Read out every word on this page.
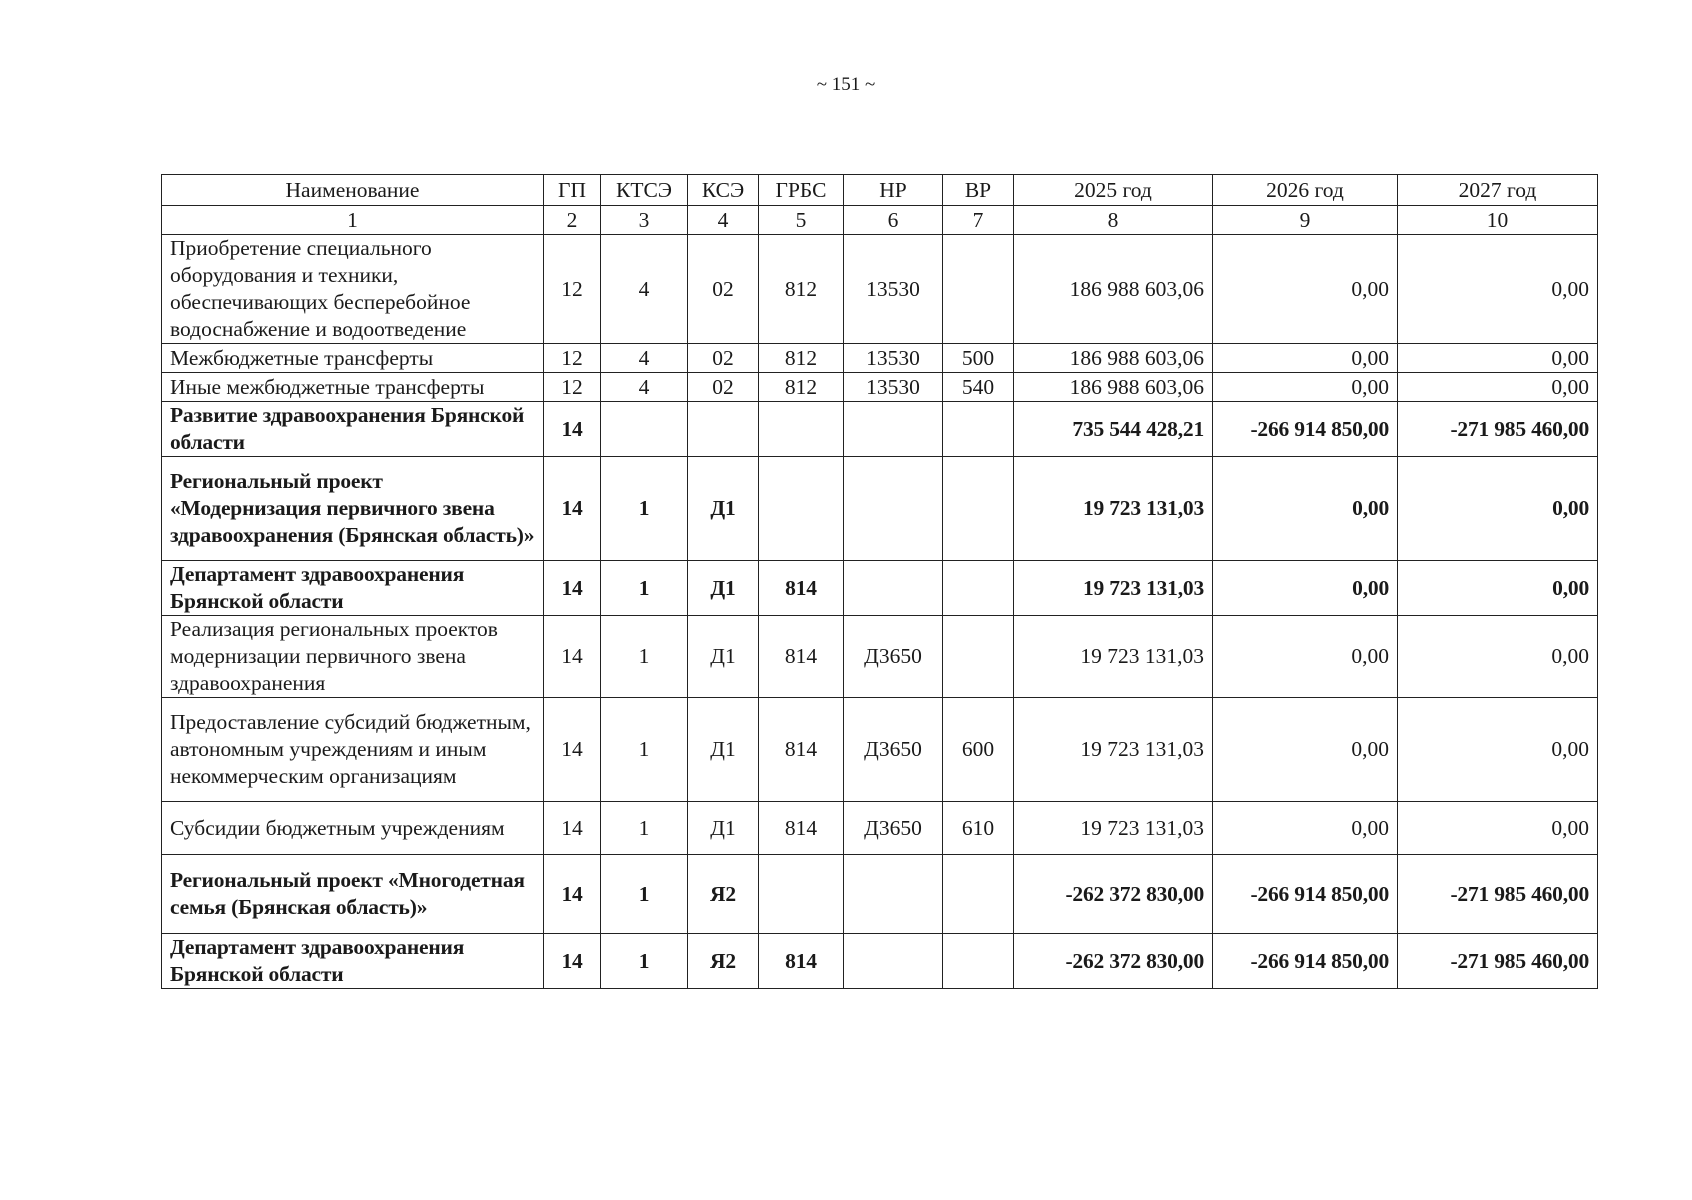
~ 151 ~
Наименование	ГП	КТСЭ	КСЭ	ГРБС	НР	ВР	2025 год	2026 год	2027 год
1	2	3	4	5	6	7	8	9	10
Приобретение специального оборудования и техники, обеспечивающих бесперебойное водоснабжение и водоотведение	12	4	02	812	13530		186 988 603,06	0,00	0,00
Межбюджетные трансферты	12	4	02	812	13530	500	186 988 603,06	0,00	0,00
Иные межбюджетные трансферты	12	4	02	812	13530	540	186 988 603,06	0,00	0,00
Развитие здравоохранения Брянской области	14						735 544 428,21	-266 914 850,00	-271 985 460,00
Региональный проект «Модернизация первичного звена здравоохранения (Брянская область)»	14	1	Д1				19 723 131,03	0,00	0,00
Департамент здравоохранения Брянской области	14	1	Д1	814			19 723 131,03	0,00	0,00
Реализация региональных проектов модернизации первичного звена здравоохранения	14	1	Д1	814	Д3650		19 723 131,03	0,00	0,00
Предоставление субсидий бюджетным, автономным учреждениям и иным некоммерческим организациям	14	1	Д1	814	Д3650	600	19 723 131,03	0,00	0,00
Субсидии бюджетным учреждениям	14	1	Д1	814	Д3650	610	19 723 131,03	0,00	0,00
Региональный проект «Многодетная семья (Брянская область)»	14	1	Я2				-262 372 830,00	-266 914 850,00	-271 985 460,00
Департамент здравоохранения Брянской области	14	1	Я2	814			-262 372 830,00	-266 914 850,00	-271 985 460,00
